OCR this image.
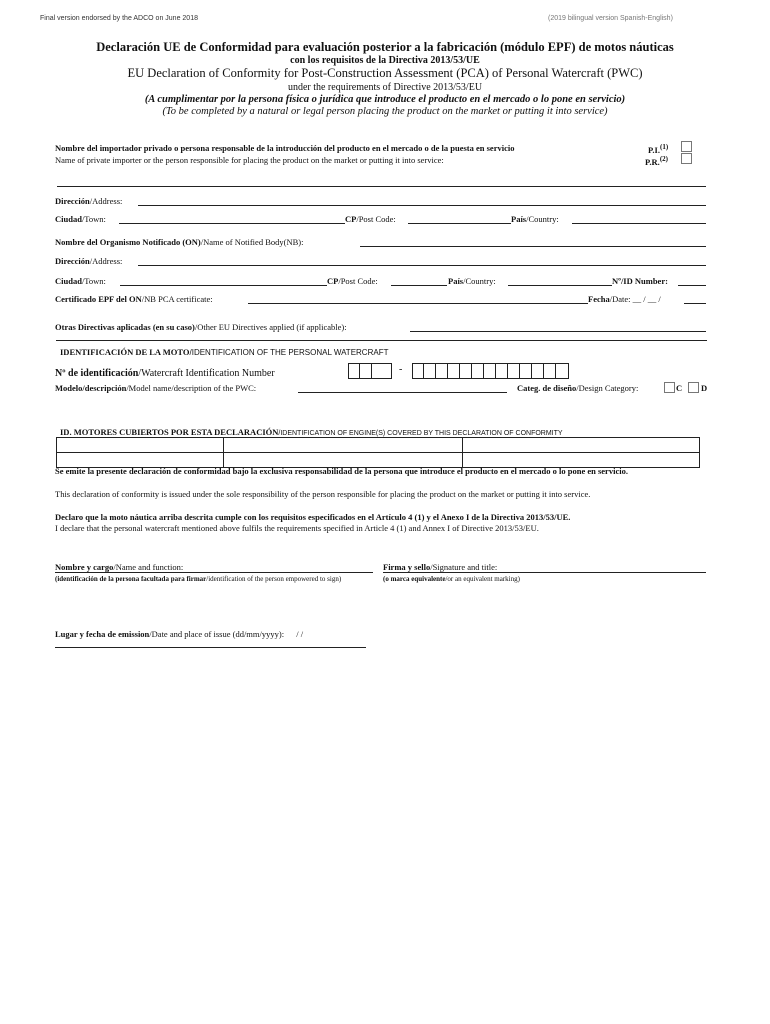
Final version endorsed by the ADCO on June 2018	(2019 bilingual version Spanish-English)
Declaración UE de Conformidad para evaluación posterior a la fabricación (módulo EPF) de motos náuticas
con los requisitos de la Directiva 2013/53/UE
EU Declaration of Conformity for Post-Construction Assessment (PCA) of Personal Watercraft (PWC)
under the requirements of Directive 2013/53/EU
(A cumplimentar por la persona física o jurídica que introduce el producto en el mercado o lo pone en servicio)
(To be completed by a natural or legal person placing the product on the market or putting it into service)
Nombre del importador privado o persona responsable de la introducción del producto en el mercado o de la puesta en servicio
Name of private importer or the person responsible for placing the product on the market or putting it into service:
P.I.$^{(1)}$
P.R.$^{(2)}$
Dirección/Address:
Ciudad/Town:	CP/Post Code:	País/Country:
Nombre del Organismo Notificado (ON)/Name of Notified Body(NB):
Dirección/Address:
Ciudad/Town:	CP/Post Code:	País/Country:	Nº/ID Number:
Certificado EPF del ON/NB PCA certificate:	Fecha/Date: __ / __ /
Otras Directivas aplicadas (en su caso)/Other EU Directives applied (if applicable):
IDENTIFICACIÓN DE LA MOTO/IDENTIFICATION OF THE PERSONAL WATERCRAFT
Nº de identificación/Watercraft Identification Number	-
Modelo/descripción/Model name/description of the PWC:	Categ. de diseño/Design Category:	C D
ID. MOTORES CUBIERTOS POR ESTA DECLARACIÓN/IDENTIFICATION OF ENGINE(S) COVERED BY THIS DECLARATION OF CONFORMITY

Se emite la presente declaración de conformidad bajo la exclusiva responsabilidad de la persona que introduce el producto en el mercado o lo pone en servicio.
This declaration of conformity is issued under the sole responsibility of the person responsible for placing the product on the market or putting it into service.
Declaro que la moto náutica arriba descrita cumple con los requisitos especificados en el Artículo 4 (1) y el Anexo I de la Directiva 2013/53/UE.
I declare that the personal watercraft mentioned above fulfils the requirements specified in Article 4 (1) and Annex I of Directive 2013/53/EU.
Nombre y cargo/Name and function:
(identificación de la persona facultada para firmar/identification of the person empowered to sign)
Firma y sello/Signature and title:
(o marca equivalente/or an equivalent marking)
Lugar y fecha de emission/Date and place of issue (dd/mm/yyyy): / /
